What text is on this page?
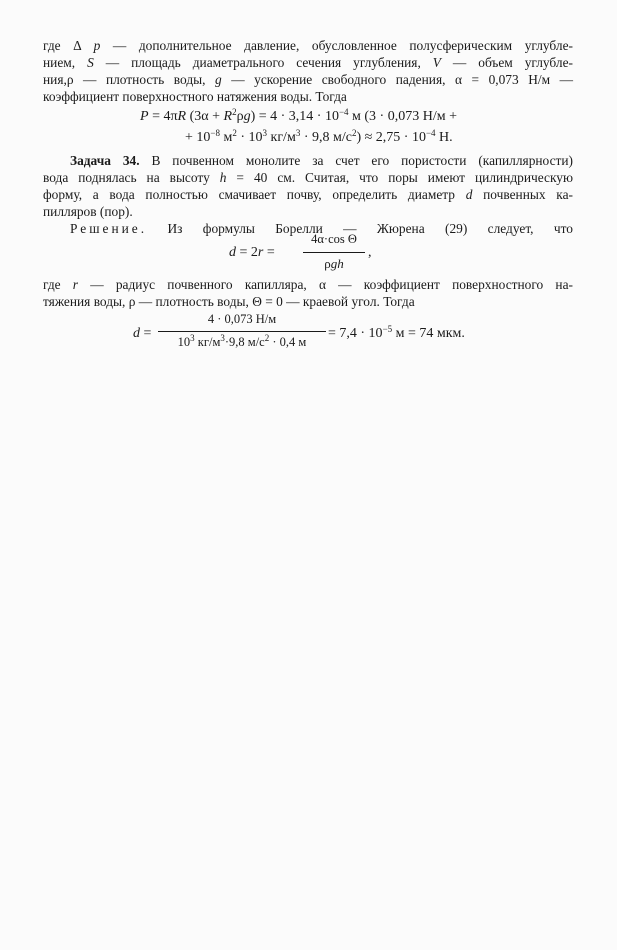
где Δ p — дополнительное давление, обусловленное полусферическим углубле-
нием, S — площадь диаметрального сечения углубления, V — объем углубле-
ния,ρ — плотность воды, g — ускорение свободного падения, α = 0,073 Н/м —
коэффициент поверхностного натяжения воды. Тогда
P = 4πR $(3\alpha + R^2\rho g) = 4 \cdot 3,14 \cdot 10^{-4}$ м (3 · 0,073 Н/м +
+ $10^{-8}$ $м^2 \cdot 10^3$ $кг/м^3 \cdot 9,8$ $м/с^2) \approx 2,75 \cdot 10^{-4}$ Н.
Задача 34. В почвенном монолите за счет его пористости (капиллярности)
вода поднялась на высоту h = 40 см. Считая, что поры имеют цилиндрическую
форму, а вода полностью смачивает почву, определить диаметр d почвенных ка-
пилляров (пор).
Решение. Из формулы Борелли — Жюрена (29) следует, что
d = 2r =
4α·cos Θ
ρgh
,
где r — радиус почвенного капилляра, α — коэффициент поверхностного на-
тяжения воды, ρ — плотность воды, Θ = 0 — краевой угол. Тогда
d =
4 · 0,073 Н/м
$10^3$ $кг/м^3\cdot 9,8$ $м/с^2 \cdot 0,4$ м
= $7,4 \cdot 10^{-5}$ м = 74 мкм.
